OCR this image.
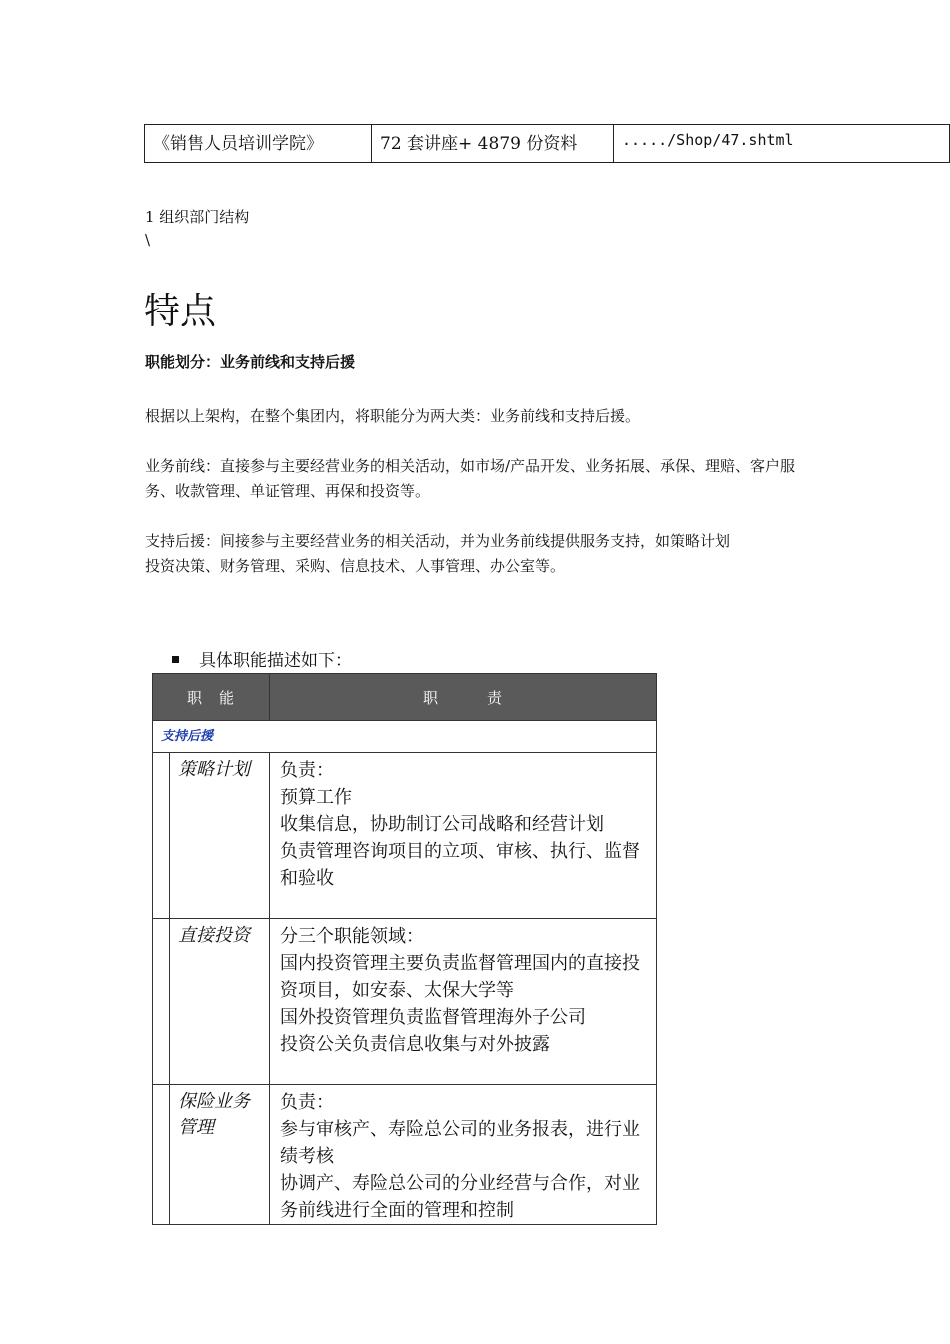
《销售人员培训学院》	72 套讲座+ 4879 份资料	...../Shop/47.shtml
1 组织部门结构
\
特点
职能划分：业务前线和支持后援
根据以上架构，在整个集团内，将职能分为两大类：业务前线和支持后援。
业务前线：直接参与主要经营业务的相关活动，如市场/产品开发、业务拓展、承保、理赔、客户服务、收款管理、单证管理、再保和投资等。
支持后援：间接参与主要经营业务的相关活动，并为业务前线提供服务支持，如策略计划
投资决策、财务管理、采购、信息技术、人事管理、办公室等。
具体职能描述如下：
职　能		职　　　责
支持后援		
	策略计划	负责：
预算工作
收集信息，协助制订公司战略和经营计划
负责管理咨询项目的立项、审核、执行、监督和验收

	直接投资	分三个职能领域：
国内投资管理主要负责监督管理国内的直接投资项目，如安泰、太保大学等
国外投资管理负责监督管理海外子公司
投资公关负责信息收集与对外披露

	保险业务管理	负责：
参与审核产、寿险总公司的业务报表，进行业绩考核
协调产、寿险总公司的分业经营与合作，对业务前线进行全面的管理和控制
